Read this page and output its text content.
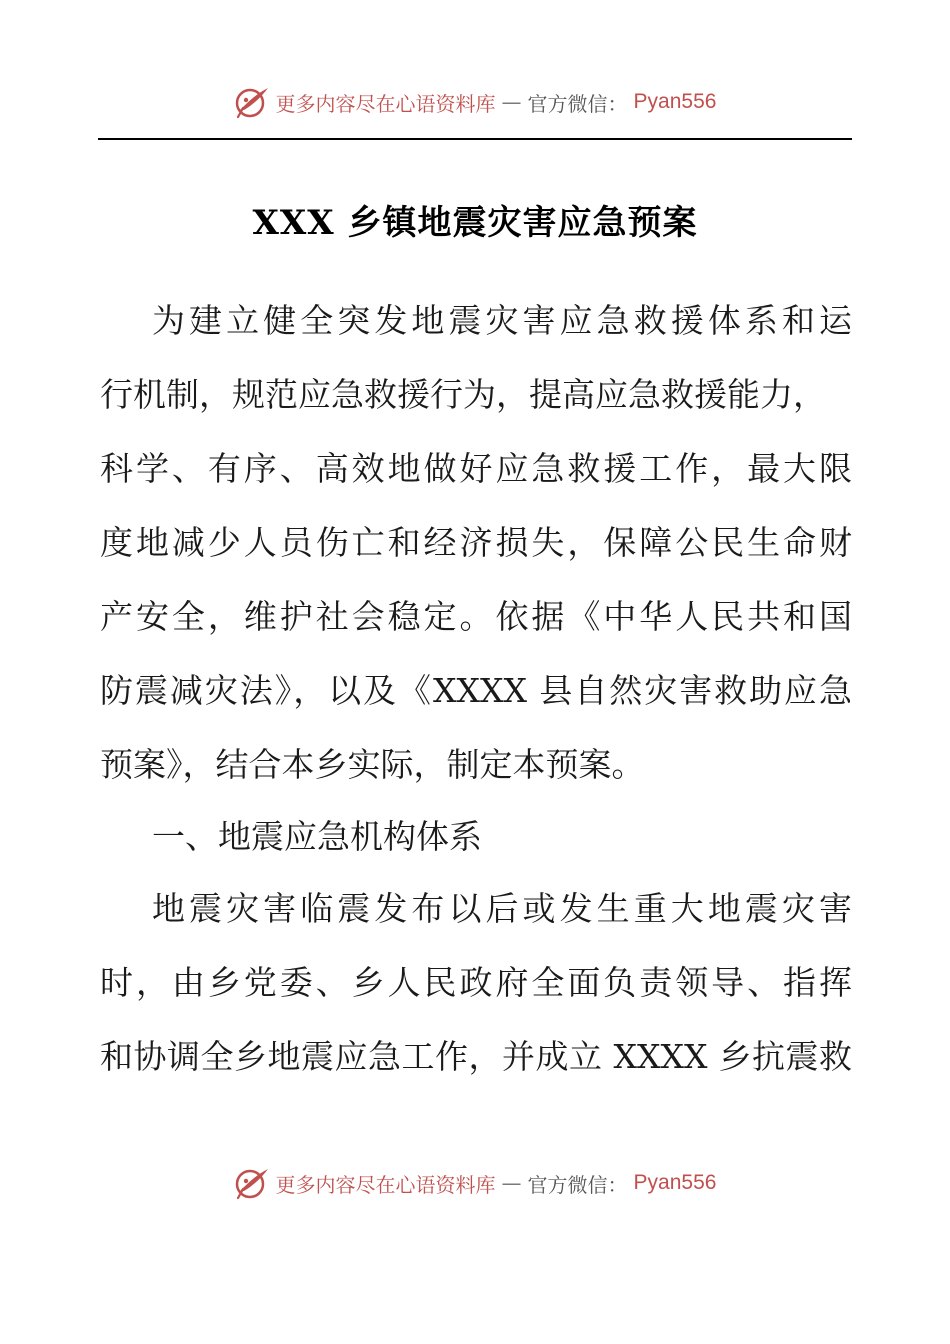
更多内容尽在心语资料库 — 官方微信： Pyan556
XXX 乡镇地震灾害应急预案
为建立健全突发地震灾害应急救援体系和运
行机制，规范应急救援行为，提高应急救援能力，
科学、有序、高效地做好应急救援工作，最大限
度地减少人员伤亡和经济损失，保障公民生命财
产安全，维护社会稳定。依据《中华人民共和国
防震减灾法》，以及《XXXX 县自然灾害救助应急
预案》，结合本乡实际，制定本预案。
一、地震应急机构体系
地震灾害临震发布以后或发生重大地震灾害
时，由乡党委、乡人民政府全面负责领导、指挥
和协调全乡地震应急工作，并成立 XXXX 乡抗震救
更多内容尽在心语资料库 — 官方微信： Pyan556
